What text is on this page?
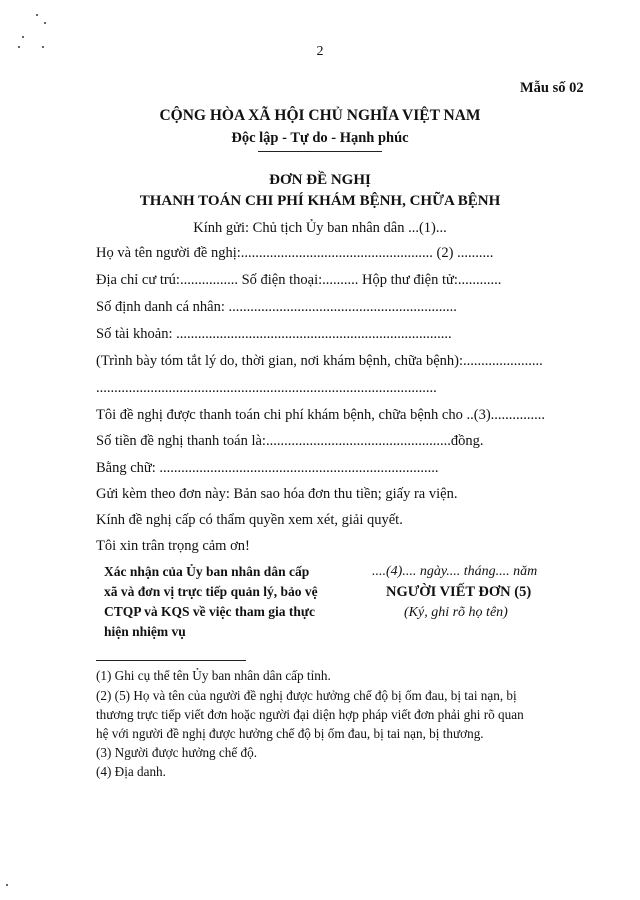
2
Mẫu số 02
CỘNG HÒA XÃ HỘI CHỦ NGHĨA VIỆT NAM
Độc lập - Tự do - Hạnh phúc
ĐƠN ĐỀ NGHỊ
THANH TOÁN CHI PHÍ KHÁM BỆNH, CHỮA BỆNH
Kính gửi: Chủ tịch Ủy ban nhân dân ...(1)...
Họ và tên người đề nghị:..................................................... (2) ..........
Địa chỉ cư trú:................ Số điện thoại:.......... Hộp thư điện tử:............
Số định danh cá nhân: ...............................................................
Số tài khoản: ............................................................................
(Trình bày tóm tắt lý do, thời gian, nơi khám bệnh, chữa bệnh):......................
..............................................................................................
Tôi đề nghị được thanh toán chi phí khám bệnh, chữa bệnh cho ..(3)...............
Số tiền đề nghị thanh toán là:...................................................đồng.
Bằng chữ: .............................................................................
Gửi kèm theo đơn này: Bản sao hóa đơn thu tiền; giấy ra viện.
Kính đề nghị cấp có thẩm quyền xem xét, giải quyết.
Tôi xin trân trọng cảm ơn!
Xác nhận của Ủy ban nhân dân cấp
xã và đơn vị trực tiếp quản lý, bảo vệ
CTQP và KQS về việc tham gia thực
hiện nhiệm vụ
....(4).... ngày.... tháng.... năm
NGƯỜI VIẾT ĐƠN (5)
(Ký, ghi rõ họ tên)
(1) Ghi cụ thể tên Ủy ban nhân dân cấp tỉnh.
(2) (5) Họ và tên của người đề nghị được hưởng chế độ bị ốm đau, bị tai nạn, bị
thương trực tiếp viết đơn hoặc người đại diện hợp pháp viết đơn phải ghi rõ quan
hệ với người đề nghị được hưởng chế độ bị ốm đau, bị tai nạn, bị thương.
(3) Người được hưởng chế độ.
(4) Địa danh.
